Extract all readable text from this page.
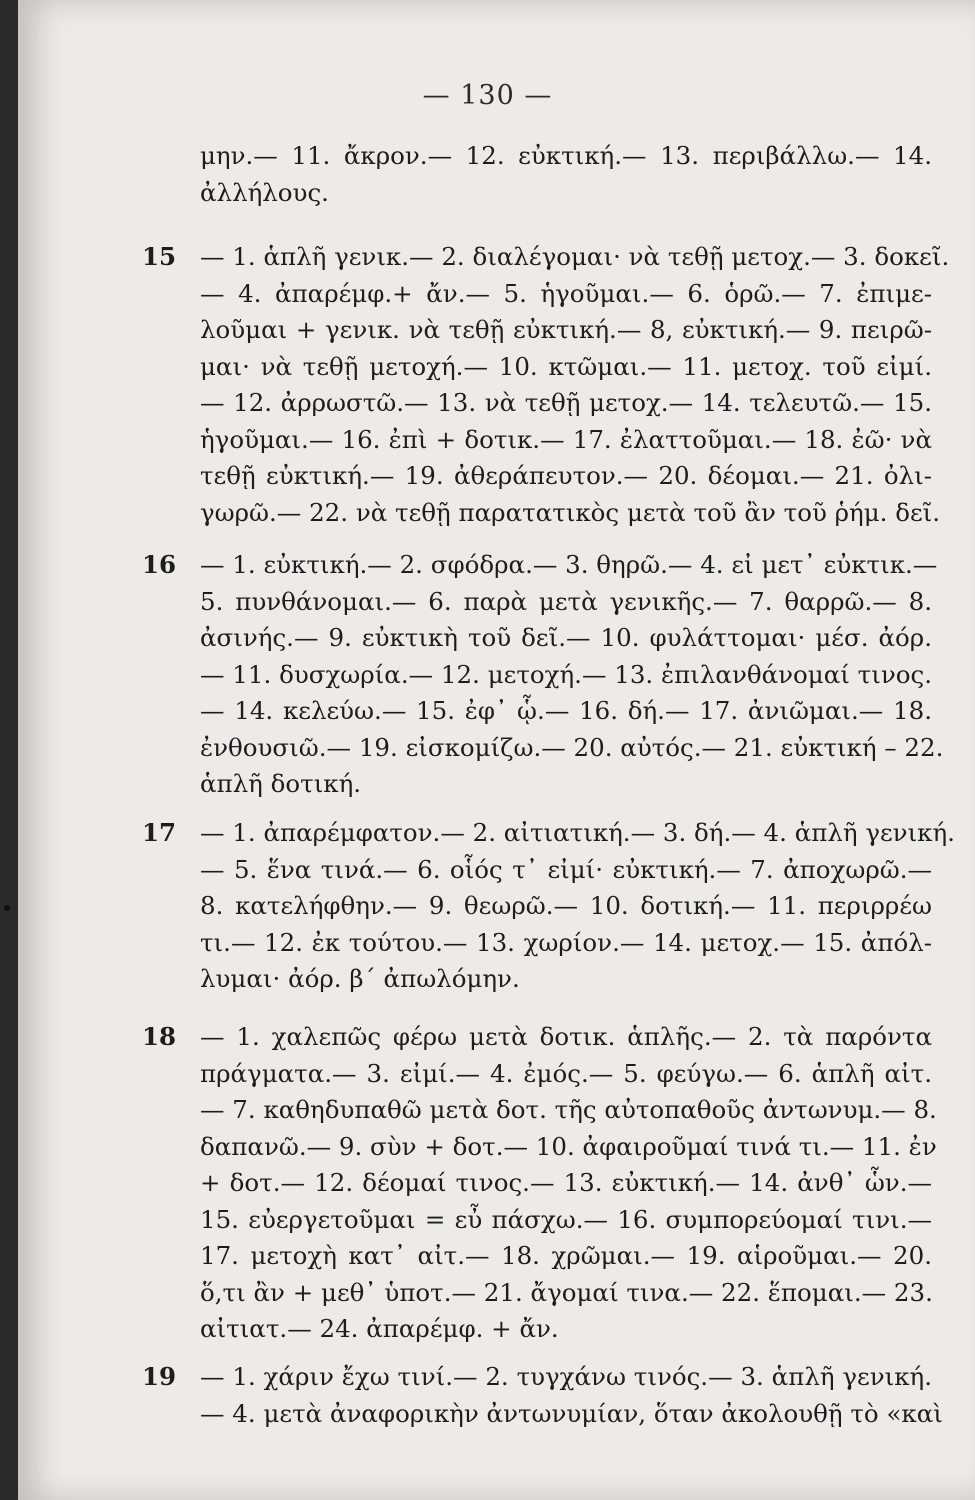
— 130 —
μην.— 11. ἄκρον.— 12. εὐκτική.— 13. περιβάλλω.— 14.
ἀλλήλους.
15 — 1. ἁπλῆ γενικ.— 2. διαλέγομαι· νὰ τεθῇ μετοχ.— 3. δοκεῖ.
— 4. ἀπαρέμφ.+ ἄν.— 5. ἡγοῦμαι.— 6. ὁρῶ.— 7. ἐπιμε-
λοῦμαι + γενικ. νὰ τεθῇ εὐκτική.— 8, εὐκτική.— 9. πειρῶ-
μαι· νὰ τεθῇ μετοχή.— 10. κτῶμαι.— 11. μετοχ. τοῦ εἰμί.
— 12. ἀρρωστῶ.— 13. νὰ τεθῇ μετοχ.— 14. τελευτῶ.— 15.
ἡγοῦμαι.— 16. ἐπὶ + δοτικ.— 17. ἐλαττοῦμαι.— 18. ἐῶ· νὰ
τεθῇ εὐκτική.— 19. ἀθεράπευτον.— 20. δέομαι.— 21. ὀλι-
γωρῶ.— 22. νὰ τεθῇ παρατατικὸς μετὰ τοῦ ἂν τοῦ ῥήμ. δεῖ.
16 — 1. εὐκτική.— 2. σφόδρα.— 3. θηρῶ.— 4. εἰ μετ᾽ εὐκτικ.—
5. πυνθάνομαι.— 6. παρὰ μετὰ γενικῆς.— 7. θαρρῶ.— 8.
ἀσινής.— 9. εὐκτικὴ τοῦ δεῖ.— 10. φυλάττομαι· μέσ. ἀόρ.
— 11. δυσχωρία.— 12. μετοχή.— 13. ἐπιλανθάνομαί τινος.
— 14. κελεύω.— 15. ἐφ᾽ ᾧ.— 16. δή.— 17. ἀνιῶμαι.— 18.
ἐνθουσιῶ.— 19. εἰσκομίζω.— 20. αὐτός.— 21. εὐκτική – 22.
ἁπλῆ δοτική.
17 — 1. ἀπαρέμφατον.— 2. αἰτιατική.— 3. δή.— 4. ἁπλῆ γενική.
— 5. ἕνα τινά.— 6. οἷός τ᾽ εἰμί· εὐκτική.— 7. ἀποχωρῶ.—
8. κατελήφθην.— 9. θεωρῶ.— 10. δοτική.— 11. περιρρέω
τι.— 12. ἐκ τούτου.— 13. χωρίον.— 14. μετοχ.— 15. ἀπόλ-
λυμαι· ἀόρ. β΄ ἀπωλόμην.
18 — 1. χαλεπῶς φέρω μετὰ δοτικ. ἁπλῆς.— 2. τὰ παρόντα
πράγματα.— 3. εἰμί.— 4. ἐμός.— 5. φεύγω.— 6. ἁπλῆ αἰτ.
— 7. καθηδυπαθῶ μετὰ δοτ. τῆς αὐτοπαθοῦς ἀντωνυμ.— 8.
δαπανῶ.— 9. σὺν + δοτ.— 10. ἀφαιροῦμαί τινά τι.— 11. ἐν
+ δοτ.— 12. δέομαί τινος.— 13. εὐκτική.— 14. ἀνθ᾽ ὧν.—
15. εὐεργετοῦμαι = εὖ πάσχω.— 16. συμπορεύομαί τινι.—
17. μετοχὴ κατ᾽ αἰτ.— 18. χρῶμαι.— 19. αἱροῦμαι.— 20.
ὅ,τι ἂν + μεθ᾽ ὑποτ.— 21. ἄγομαί τινα.— 22. ἕπομαι.— 23.
αἰτιατ.— 24. ἀπαρέμφ. + ἄν.
19 — 1. χάριν ἔχω τινί.— 2. τυγχάνω τινός.— 3. ἁπλῆ γενική.
— 4. μετὰ ἀναφορικὴν ἀντωνυμίαν, ὅταν ἀκολουθῇ τὸ «καὶ
